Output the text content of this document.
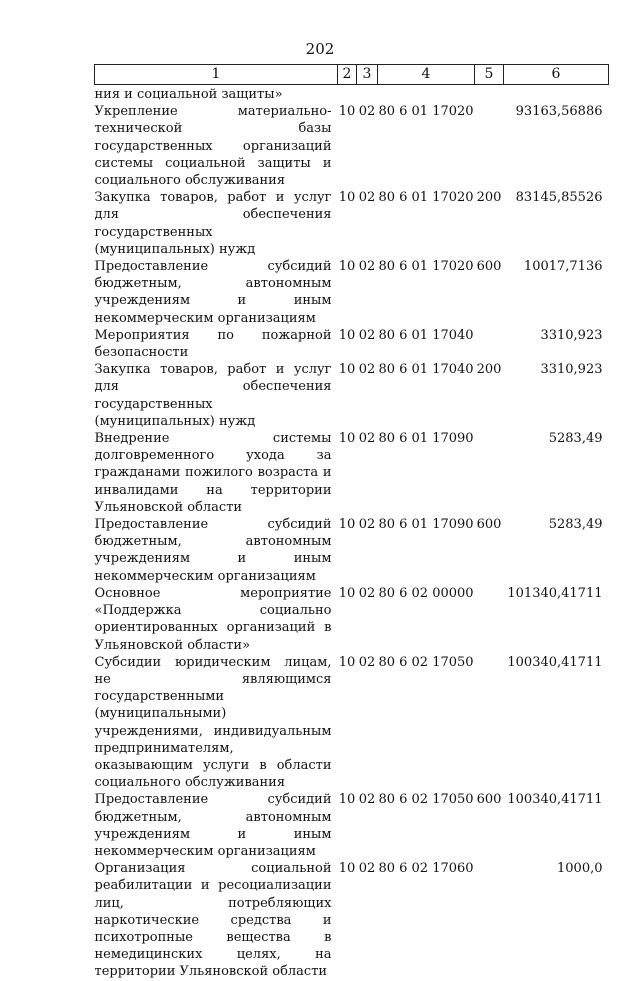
202
1	2	3	4	5	6
ния и социальной защиты»					
Укрепление материально-технической базы государственных организаций системы социальной защиты и социального обслуживания	10	02	80 6 01 17020		93163,56886
Закупка товаров, работ и услуг для обеспечения государственных (муниципальных) нужд	10	02	80 6 01 17020	200	83145,85526
Предоставление субсидий бюджетным, автономным учреждениям и иным некоммерческим организациям	10	02	80 6 01 17020	600	10017,7136
Мероприятия по пожарной безопасности	10	02	80 6 01 17040		3310,923
Закупка товаров, работ и услуг для обеспечения государственных (муниципальных) нужд	10	02	80 6 01 17040	200	3310,923
Внедрение системы долговременного ухода за гражданами пожилого возраста и инвалидами на территории Ульяновской области	10	02	80 6 01 17090		5283,49
Предоставление субсидий бюджетным, автономным учреждениям и иным некоммерческим организациям	10	02	80 6 01 17090	600	5283,49
Основное мероприятие «Поддержка социально ориентированных организаций в Ульяновской области»	10	02	80 6 02 00000		101340,41711
Субсидии юридическим лицам, не являющимся государственными (муниципальными) учреждениями, индивидуальным предпринимателям, оказывающим услуги в области социального обслуживания	10	02	80 6 02 17050		100340,41711
Предоставление субсидий бюджетным, автономным учреждениям и иным некоммерческим организациям	10	02	80 6 02 17050	600	100340,41711
Организация социальной реабилитации и ресоциализации лиц, потребляющих наркотические средства и психотропные вещества в немедицинских целях, на территории Ульяновской области	10	02	80 6 02 17060		1000,0
